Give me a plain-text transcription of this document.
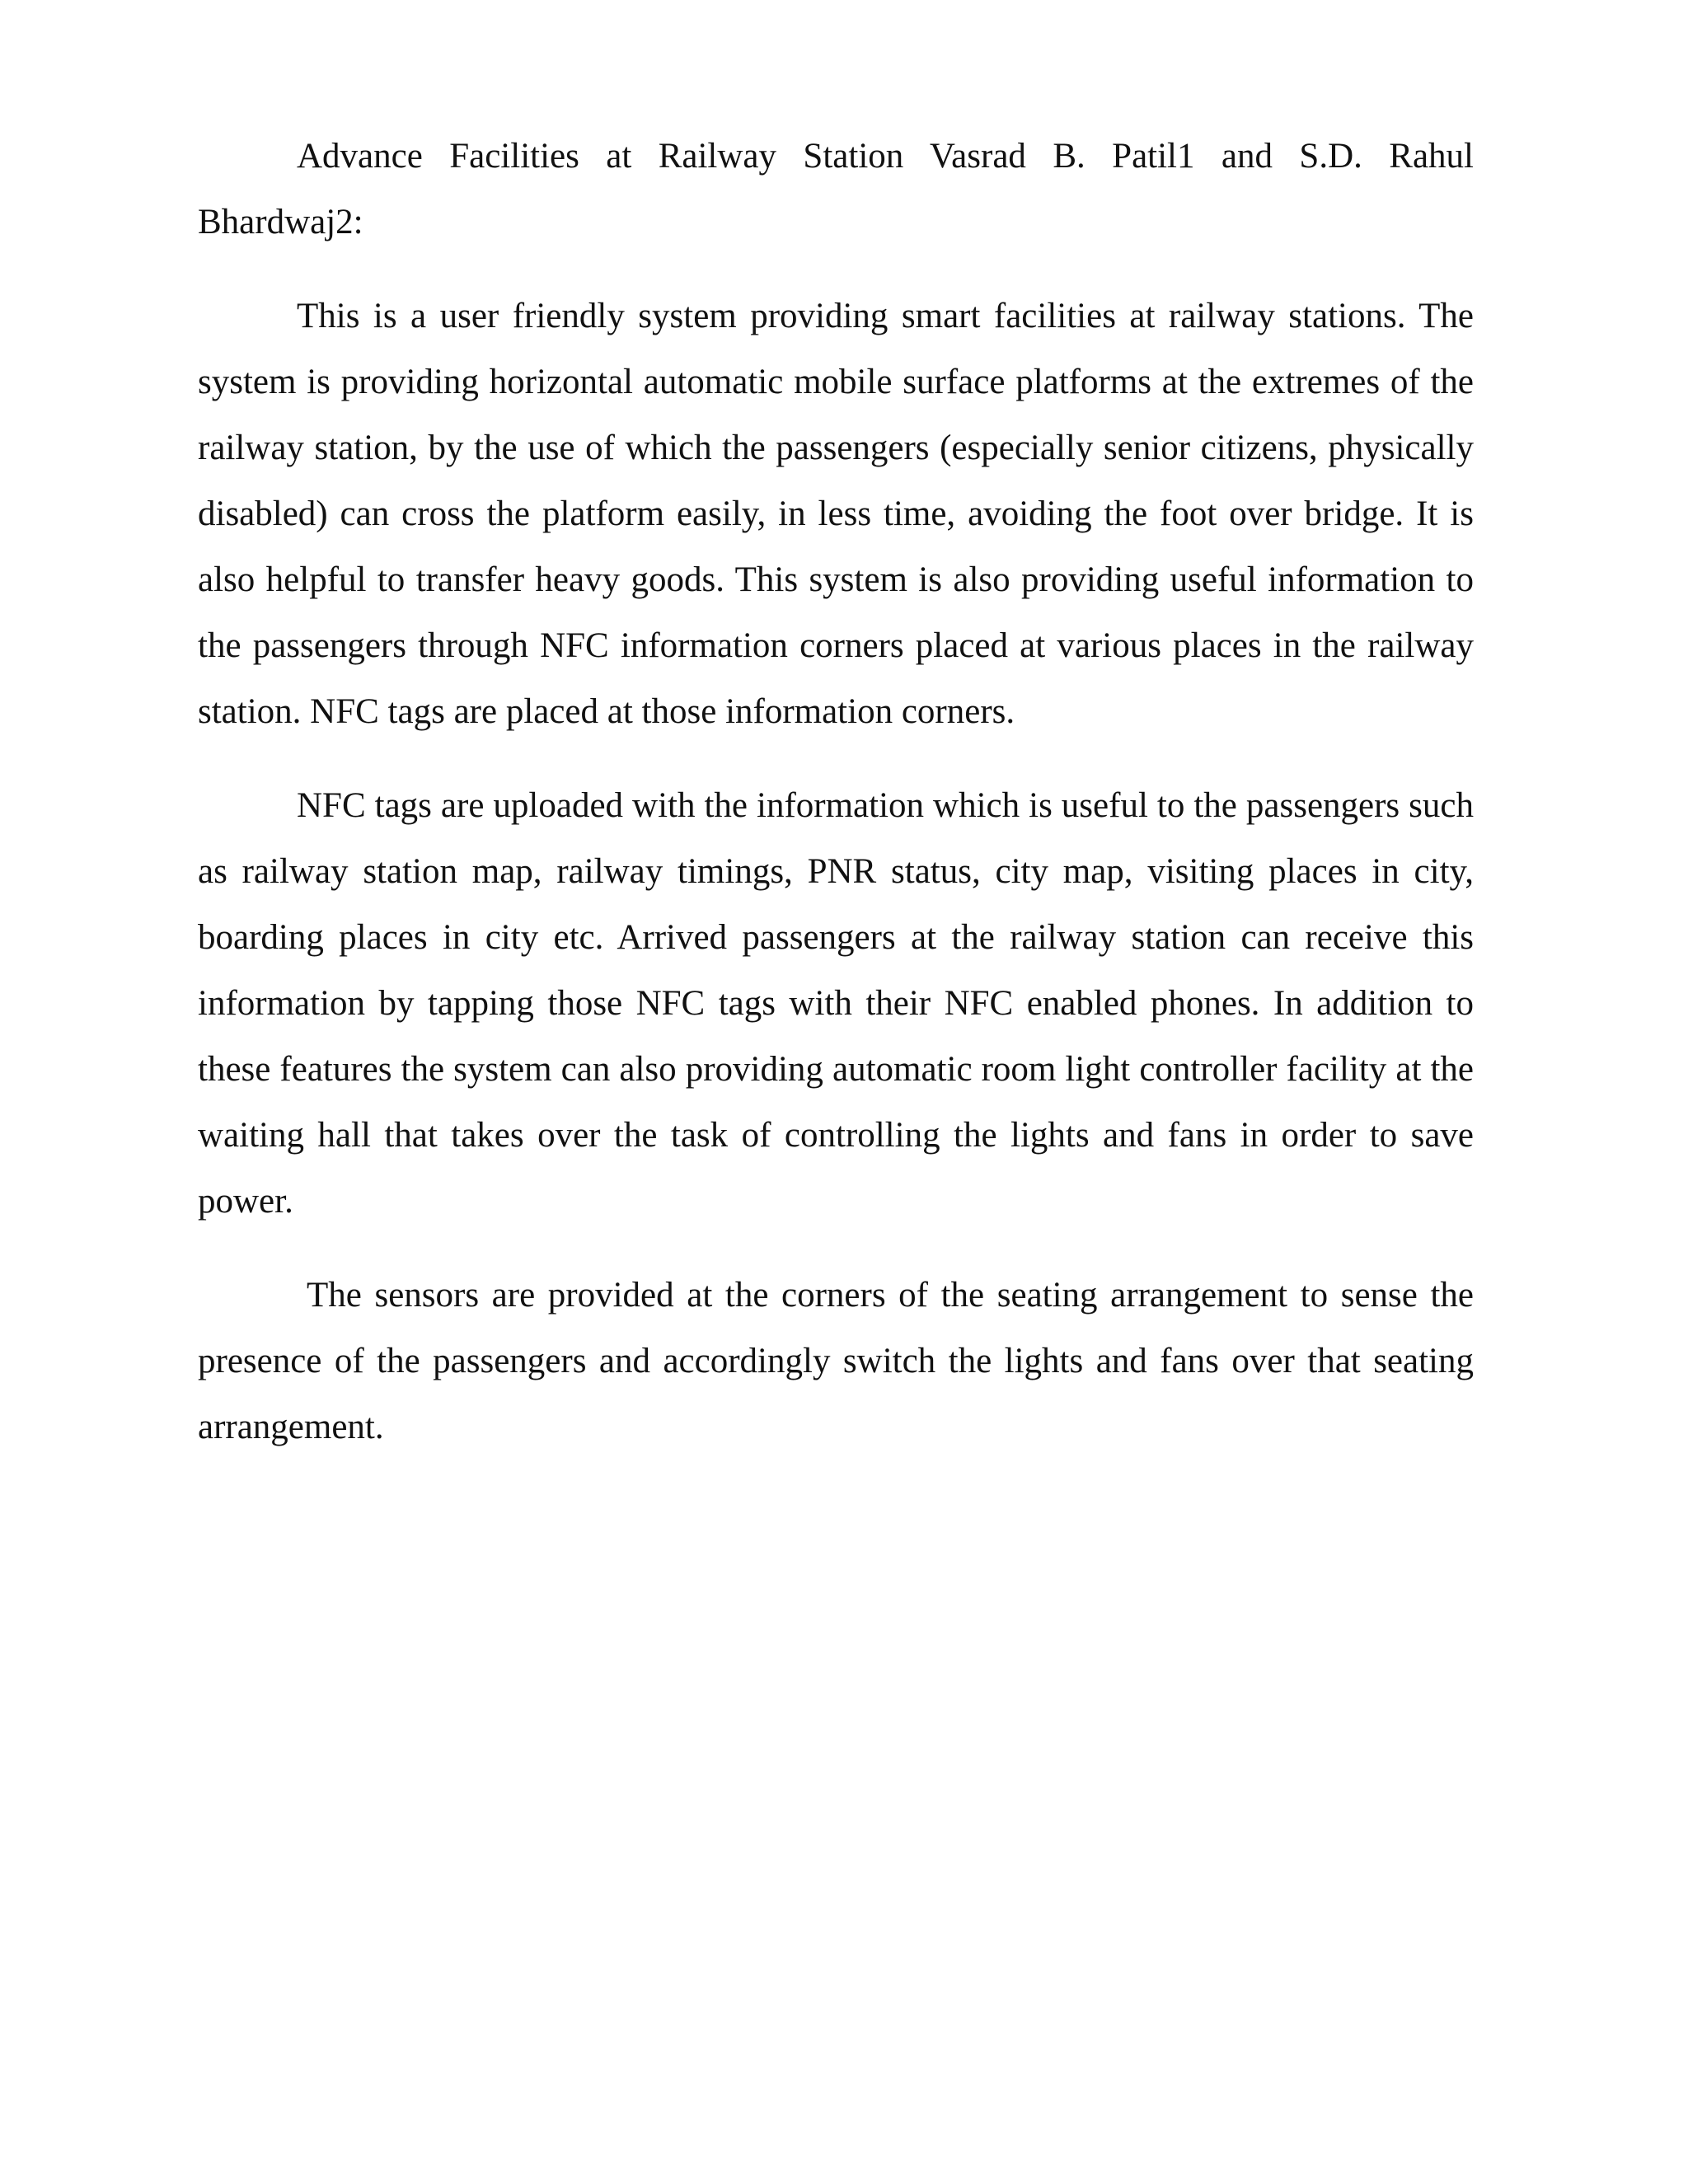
Advance Facilities at Railway Station Vasrad B. Patil1 and S.D. Rahul Bhardwaj2:

This is a user friendly system providing smart facilities at railway stations. The system is providing horizontal automatic mobile surface platforms at the extremes of the railway station, by the use of which the passengers (especially senior citizens, physically disabled) can cross the platform easily, in less time, avoiding the foot over bridge. It is also helpful to transfer heavy goods. This system is also providing useful information to the passengers through NFC information corners placed at various places in the railway station. NFC tags are placed at those information corners.

NFC tags are uploaded with the information which is useful to the passengers such as railway station map, railway timings, PNR status, city map, visiting places in city, boarding places in city etc. Arrived passengers at the railway station can receive this information by tapping those NFC tags with their NFC enabled phones. In addition to these features the system can also providing automatic room light controller facility at the waiting hall that takes over the task of controlling the lights and fans in order to save power.

The sensors are provided at the corners of the seating arrangement to sense the presence of the passengers and accordingly switch the lights and fans over that seating arrangement.
